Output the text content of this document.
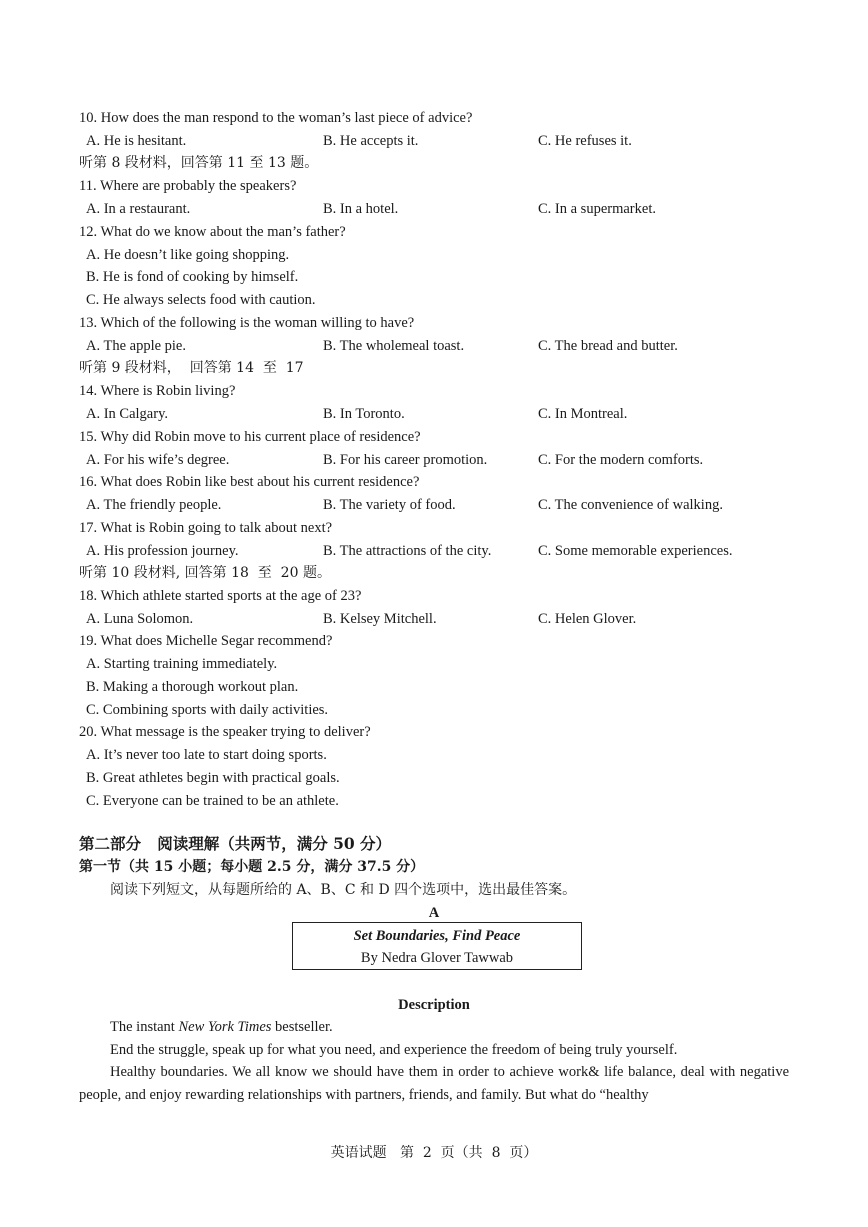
10. How does the man respond to the woman’s last piece of advice?
A. He is hesitant.	B. He accepts it.	C. He refuses it.
听第 8 段材料，回答第 11 至 13 题。
11. Where are probably the speakers?
A. In a restaurant.	B. In a hotel.	C. In a supermarket.
12. What do we know about the man’s father?
A. He doesn’t like going shopping.
B. He is fond of cooking by himself.
C. He always selects food with caution.
13. Which of the following is the woman willing to have?
A. The apple pie.	B. The wholemeal toast.	C. The bread and butter.
听第 9 段材料，  回答第 14  至  17
14. Where is Robin living?
A. In Calgary.	B. In Toronto.	C. In Montreal.
15. Why did Robin move to his current place of residence?
A. For his wife’s degree.	B. For his career promotion.	C. For the modern comforts.
16. What does Robin like best about his current residence?
A. The friendly people.	B. The variety of food.	C. The convenience of walking.
17. What is Robin going to talk about next?
A. His profession journey.	B. The attractions of the city.	C. Some memorable experiences.
听第 10 段材料, 回答第 18  至  20 题。
18. Which athlete started sports at the age of 23?
A. Luna Solomon.	B. Kelsey Mitchell.	C. Helen Glover.
19. What does Michelle Segar recommend?
A. Starting training immediately.
B. Making a thorough workout plan.
C. Combining sports with daily activities.
20. What message is the speaker trying to deliver?
A. It’s never too late to start doing sports.
B. Great athletes begin with practical goals.
C. Everyone can be trained to be an athlete.
第二部分   阅读理解（共两节，满分 50 分）
第一节（共 15 小题；每小题 2.5 分，满分 37.5 分）
阅读下列短文，从每题所给的 A、B、C 和 D 四个选项中，选出最佳答案。
A
Set Boundaries, Find Peace
By Nedra Glover Tawwab
Description
The instant New York Times bestseller.
End the struggle, speak up for what you need, and experience the freedom of being truly yourself.
Healthy boundaries. We all know we should have them in order to achieve work& life balance, deal with negative people, and enjoy rewarding relationships with partners, friends, and family. But what do “healthy
英语试题   第  2  页（共  8  页）
